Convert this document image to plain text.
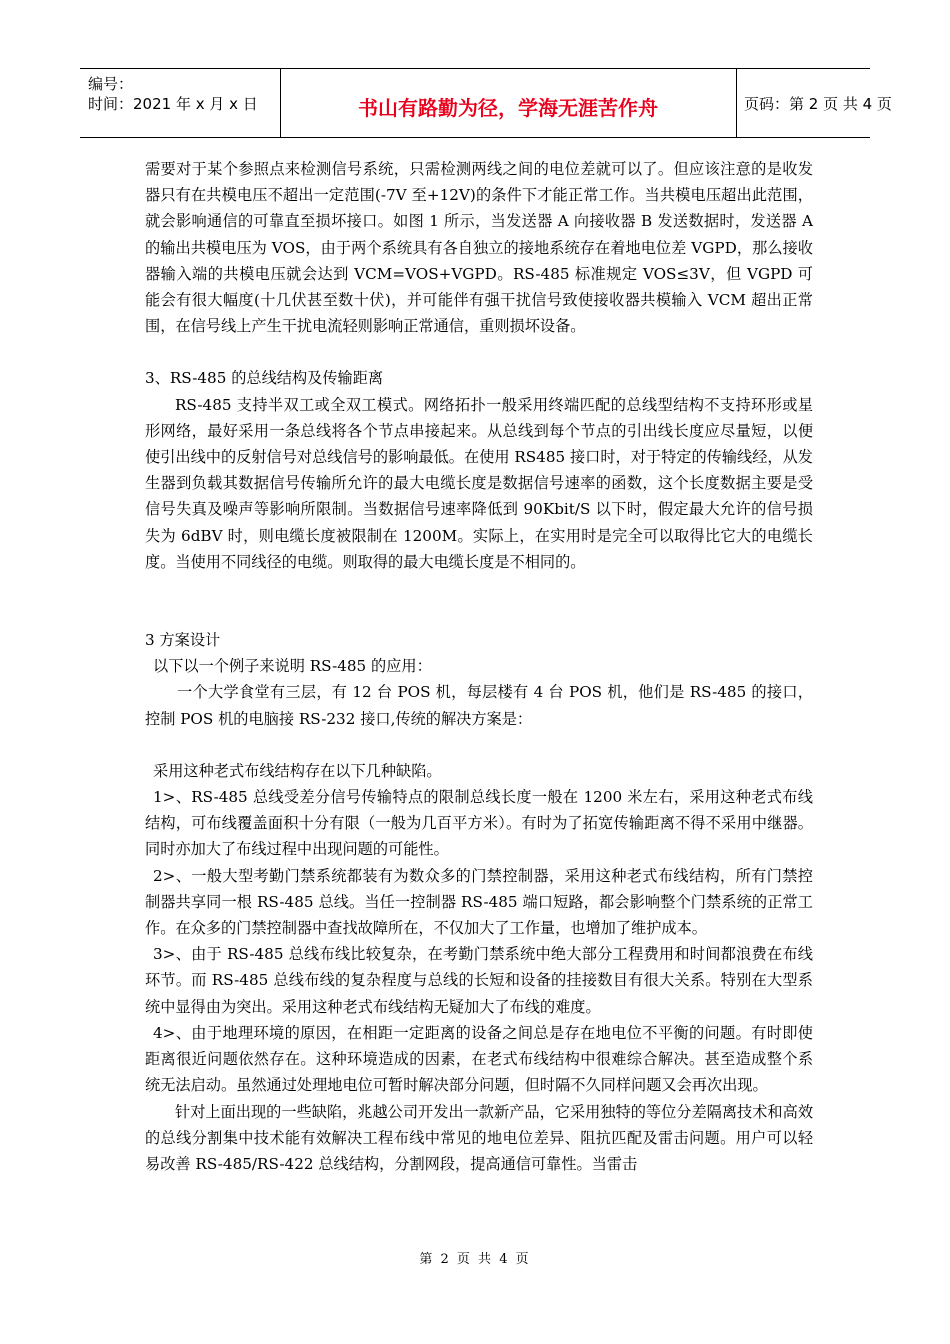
编号：
时间：2021 年 x 月 x 日	书山有路勤为径，学海无涯苦作舟	页码：第 2 页 共 4 页

需要对于某个参照点来检测信号系统，只需检测两线之间的电位差就可以了。但应该注意的是收发器只有在共模电压不超出一定范围(-7V 至+12V)的条件下才能正常工作。当共模电压超出此范围，就会影响通信的可靠直至损坏接口。如图 1 所示，当发送器 A 向接收器 B 发送数据时，发送器 A 的输出共模电压为 VOS，由于两个系统具有各自独立的接地系统存在着地电位差 VGPD，那么接收器输入端的共模电压就会达到 VCM=VOS+VGPD。RS-485 标准规定 VOS≤3V，但 VGPD 可能会有很大幅度(十几伏甚至数十伏)，并可能伴有强干扰信号致使接收器共模输入 VCM 超出正常围，在信号线上产生干扰电流轻则影响正常通信，重则损坏设备。

3、RS-485 的总线结构及传输距离

RS-485 支持半双工或全双工模式。网络拓扑一般采用终端匹配的总线型结构不支持环形或星形网络，最好采用一条总线将各个节点串接起来。从总线到每个节点的引出线长度应尽量短，以便使引出线中的反射信号对总线信号的影响最低。在使用 RS485 接口时，对于特定的传输线经，从发生器到负载其数据信号传输所允许的最大电缆长度是数据信号速率的函数，这个长度数据主要是受信号失真及噪声等影响所限制。当数据信号速率降低到 90Kbit/S 以下时，假定最大允许的信号损失为 6dBV 时，则电缆长度被限制在 1200M。实际上，在实用时是完全可以取得比它大的电缆长度。当使用不同线径的电缆。则取得的最大电缆长度是不相同的。

3 方案设计

以下以一个例子来说明 RS-485 的应用：

一个大学食堂有三层，有 12 台 POS 机，每层楼有 4 台 POS 机，他们是 RS-485 的接口，控制 POS 机的电脑接 RS-232 接口,传统的解决方案是：

采用这种老式布线结构存在以下几种缺陷。

1>、RS-485 总线受差分信号传输特点的限制总线长度一般在 1200 米左右，采用这种老式布线结构，可布线覆盖面积十分有限（一般为几百平方米）。有时为了拓宽传输距离不得不采用中继器。同时亦加大了布线过程中出现问题的可能性。

2>、一般大型考勤门禁系统都装有为数众多的门禁控制器，采用这种老式布线结构，所有门禁控制器共享同一根 RS-485 总线。当任一控制器 RS-485 端口短路，都会影响整个门禁系统的正常工作。在众多的门禁控制器中查找故障所在，不仅加大了工作量，也增加了维护成本。

3>、由于 RS-485 总线布线比较复杂，在考勤门禁系统中绝大部分工程费用和时间都浪费在布线环节。而 RS-485 总线布线的复杂程度与总线的长短和设备的挂接数目有很大关系。特别在大型系统中显得由为突出。采用这种老式布线结构无疑加大了布线的难度。

4>、由于地理环境的原因，在相距一定距离的设备之间总是存在地电位不平衡的问题。有时即使距离很近问题依然存在。这种环境造成的因素，在老式布线结构中很难综合解决。甚至造成整个系统无法启动。虽然通过处理地电位可暂时解决部分问题，但时隔不久同样问题又会再次出现。

针对上面出现的一些缺陷，兆越公司开发出一款新产品，它采用独特的等位分差隔离技术和高效的总线分割集中技术能有效解决工程布线中常见的地电位差异、阻抗匹配及雷击问题。用户可以轻易改善 RS-485/RS-422 总线结构，分割网段，提高通信可靠性。当雷击

第 2 页 共 4 页
